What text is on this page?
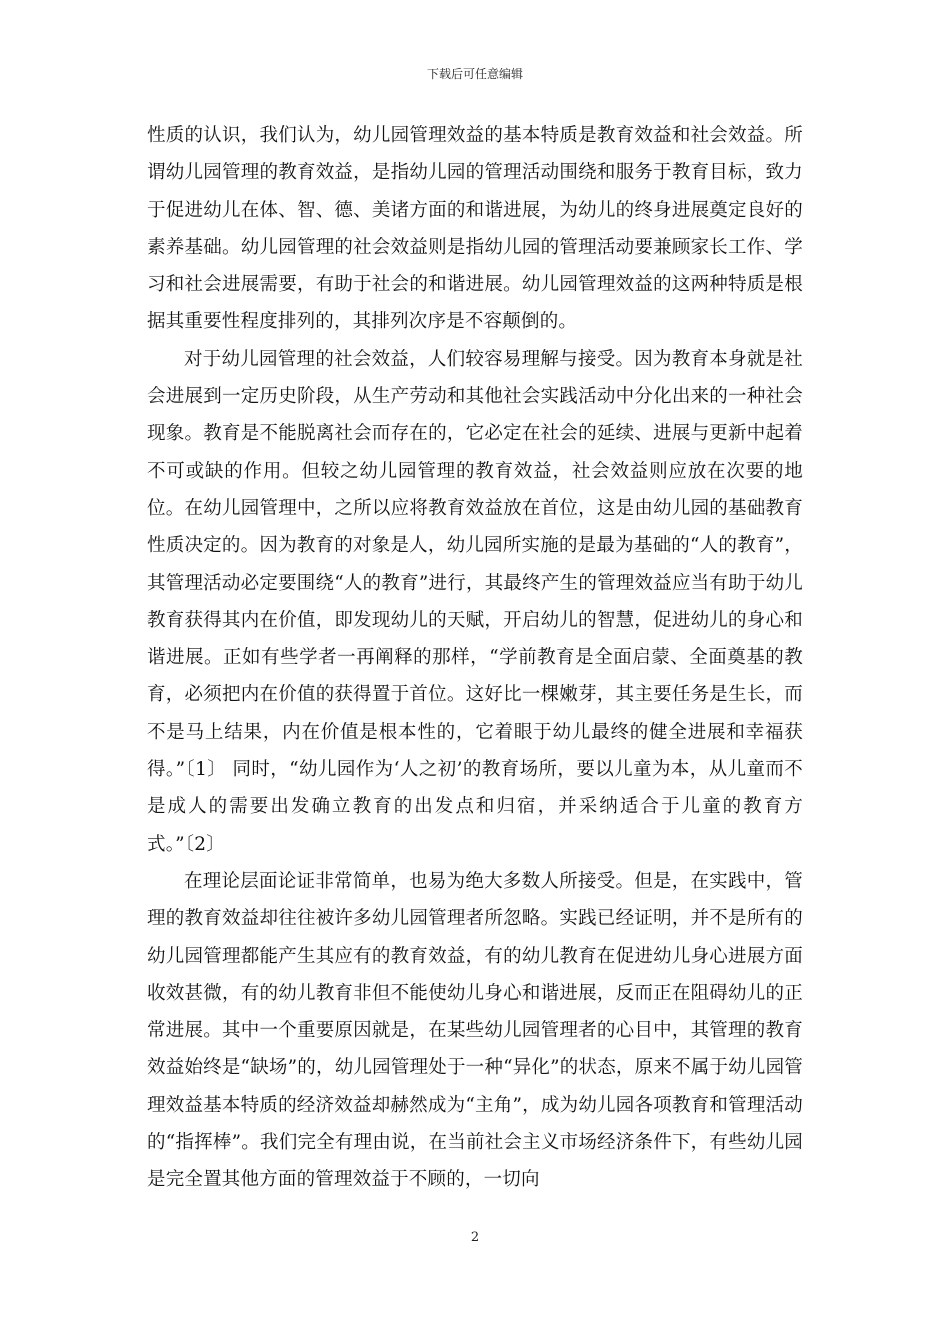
下载后可任意编辑

性质的认识，我们认为，幼儿园管理效益的基本特质是教育效益和社会效益。所谓幼儿园管理的教育效益，是指幼儿园的管理活动围绕和服务于教育目标，致力于促进幼儿在体、智、德、美诸方面的和谐进展，为幼儿的终身进展奠定良好的素养基础。幼儿园管理的社会效益则是指幼儿园的管理活动要兼顾家长工作、学习和社会进展需要，有助于社会的和谐进展。幼儿园管理效益的这两种特质是根据其重要性程度排列的，其排列次序是不容颠倒的。

对于幼儿园管理的社会效益，人们较容易理解与接受。因为教育本身就是社会进展到一定历史阶段，从生产劳动和其他社会实践活动中分化出来的一种社会现象。教育是不能脱离社会而存在的，它必定在社会的延续、进展与更新中起着不可或缺的作用。但较之幼儿园管理的教育效益，社会效益则应放在次要的地位。在幼儿园管理中，之所以应将教育效益放在首位，这是由幼儿园的基础教育性质决定的。因为教育的对象是人，幼儿园所实施的是最为基础的“人的教育”，其管理活动必定要围绕“人的教育”进行，其最终产生的管理效益应当有助于幼儿教育获得其内在价值，即发现幼儿的天赋，开启幼儿的智慧，促进幼儿的身心和谐进展。正如有些学者一再阐释的那样，“学前教育是全面启蒙、全面奠基的教育，必须把内在价值的获得置于首位。这好比一棵嫩芽，其主要任务是生长，而不是马上结果，内在价值是根本性的，它着眼于幼儿最终的健全进展和幸福获得。”〔1〕 同时，“幼儿园作为‘人之初’的教育场所，要以儿童为本，从儿童而不是成人的需要出发确立教育的出发点和归宿，并采纳适合于儿童的教育方式。”〔2〕

在理论层面论证非常简单，也易为绝大多数人所接受。但是，在实践中，管理的教育效益却往往被许多幼儿园管理者所忽略。实践已经证明，并不是所有的幼儿园管理都能产生其应有的教育效益，有的幼儿教育在促进幼儿身心进展方面收效甚微，有的幼儿教育非但不能使幼儿身心和谐进展，反而正在阻碍幼儿的正常进展。其中一个重要原因就是，在某些幼儿园管理者的心目中，其管理的教育效益始终是“缺场”的，幼儿园管理处于一种“异化”的状态，原来不属于幼儿园管理效益基本特质的经济效益却赫然成为“主角”，成为幼儿园各项教育和管理活动的“指挥棒”。我们完全有理由说，在当前社会主义市场经济条件下，有些幼儿园是完全置其他方面的管理效益于不顾的，一切向

2
